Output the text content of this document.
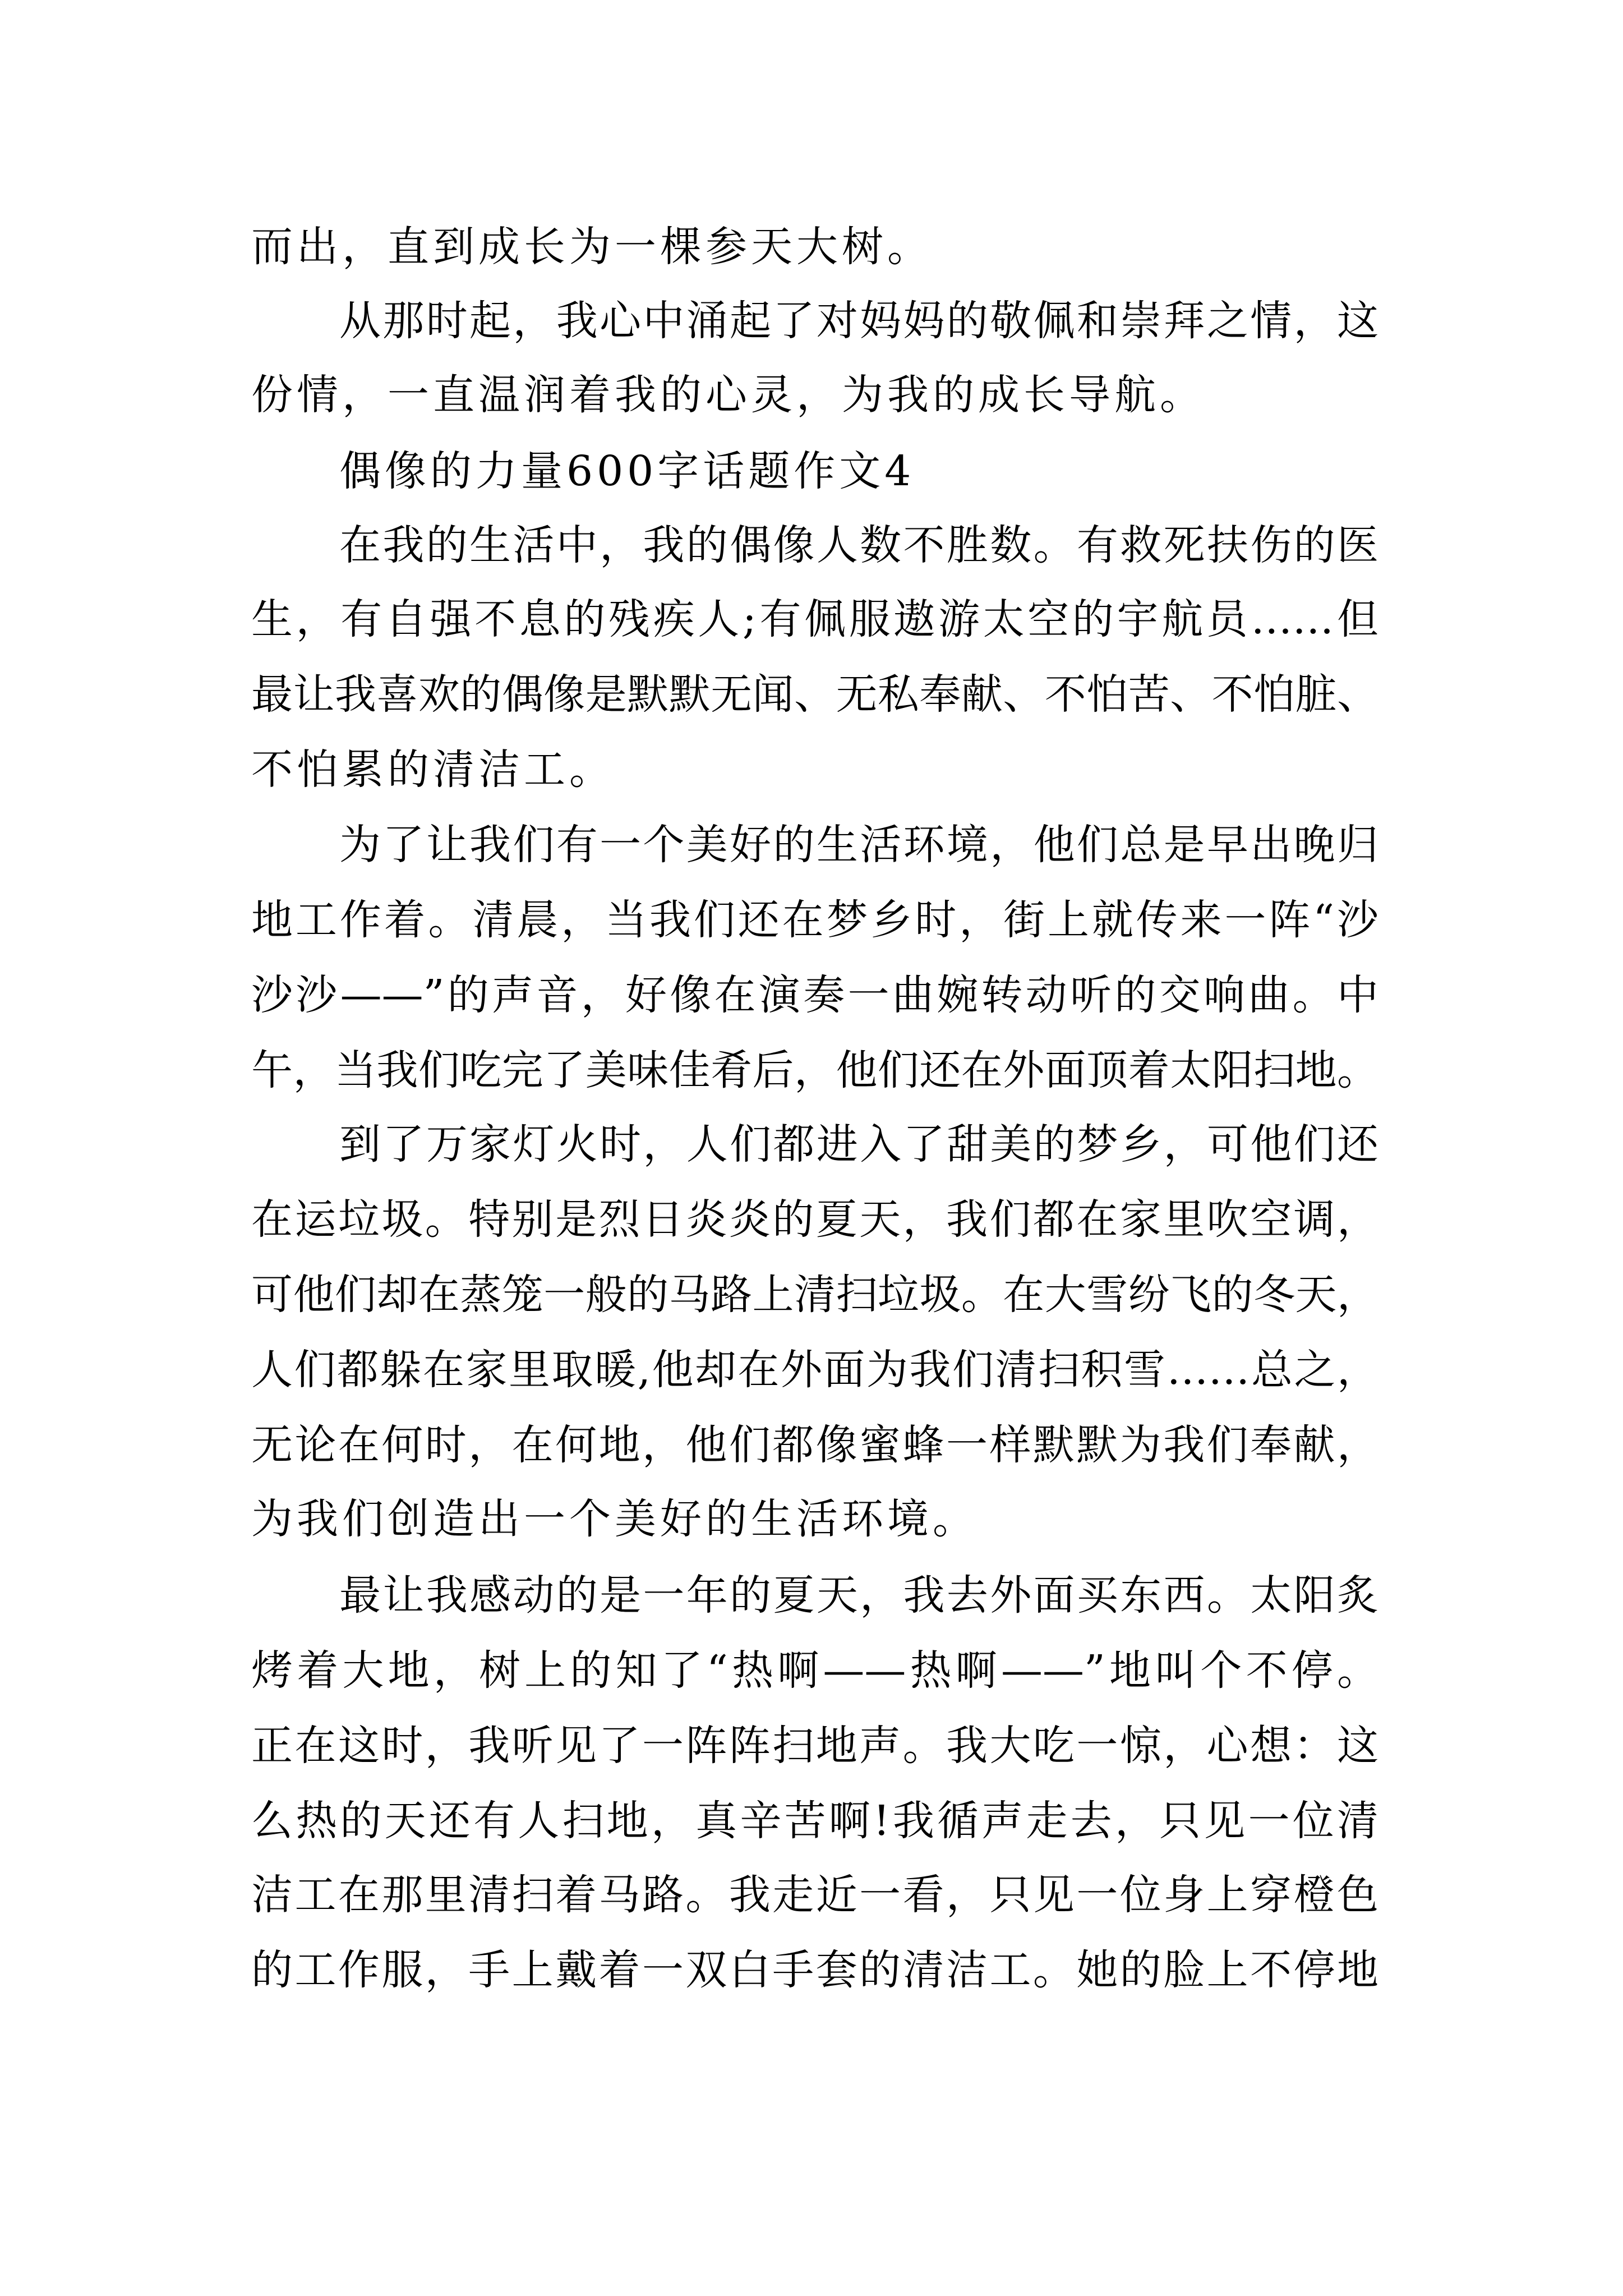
而出，直到成长为一棵参天大树。
从那时起，我心中涌起了对妈妈的敬佩和崇拜之情，这
份情，一直温润着我的心灵，为我的成长导航。
偶像的力量600字话题作文4
在我的生活中，我的偶像人数不胜数。有救死扶伤的医
生，有自强不息的残疾人;有佩服遨游太空的宇航员……但
最让我喜欢的偶像是默默无闻、无私奉献、不怕苦、不怕脏、
不怕累的清洁工。
为了让我们有一个美好的生活环境，他们总是早出晚归
地工作着。清晨，当我们还在梦乡时，街上就传来一阵“沙
沙沙——”的声音，好像在演奏一曲婉转动听的交响曲。中
午，当我们吃完了美味佳肴后，他们还在外面顶着太阳扫地。
到了万家灯火时，人们都进入了甜美的梦乡，可他们还
在运垃圾。特别是烈日炎炎的夏天，我们都在家里吹空调，
可他们却在蒸笼一般的马路上清扫垃圾。在大雪纷飞的冬天，
人们都躲在家里取暖,他却在外面为我们清扫积雪……总之，
无论在何时，在何地，他们都像蜜蜂一样默默为我们奉献，
为我们创造出一个美好的生活环境。
最让我感动的是一年的夏天，我去外面买东西。太阳炙
烤着大地，树上的知了“热啊——热啊——”地叫个不停。
正在这时，我听见了一阵阵扫地声。我大吃一惊，心想：这
么热的天还有人扫地，真辛苦啊!我循声走去，只见一位清
洁工在那里清扫着马路。我走近一看，只见一位身上穿橙色
的工作服，手上戴着一双白手套的清洁工。她的脸上不停地
